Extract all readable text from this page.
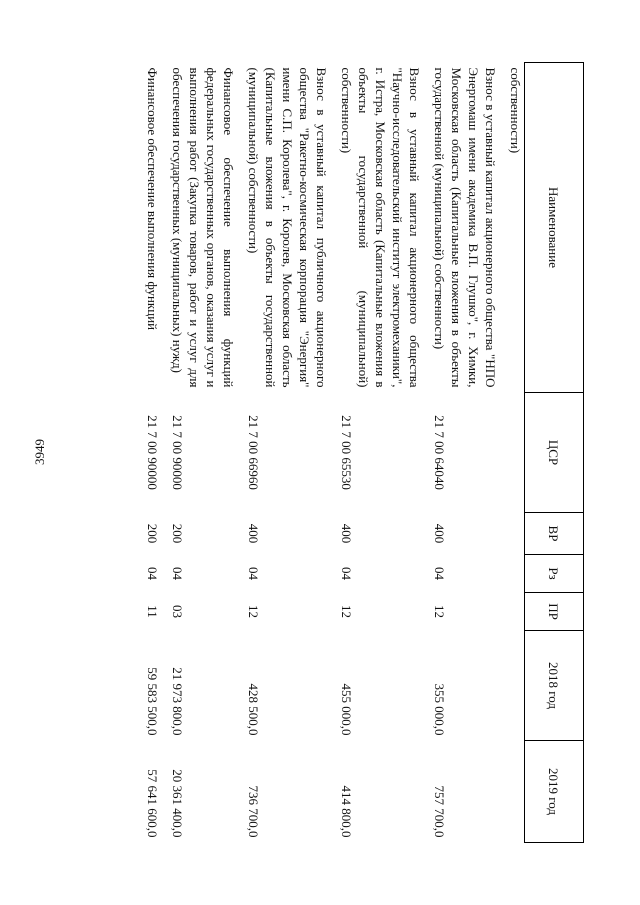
3949
Наименование	ЦСР	ВР	Рз	ПР	2018 год	2019 год
собственности)						
Взнос в уставный капитал акционерного общества "НПО Энергомаш имени академика В.П. Глушко", г. Химки, Московская область (Капитальные вложения в объекты государственной (муниципальной) собственности)	21 7 00 64040	400	04	12	355 000,0	757 700,0
Взнос в уставный капитал акционерного общества "Научно-исследовательский институт электромеханики", г. Истра, Московская область (Капитальные вложения в объекты государственной (муниципальной) собственности)	21 7 00 65530	400	04	12	455 000,0	414 800,0
Взнос в уставный капитал публичного акционерного общества "Ракетно-космическая корпорация "Энергия" имени С.П. Королева", г. Королев, Московская область (Капитальные вложения в объекты государственной (муниципальной) собственности)	21 7 00 66960	400	04	12	428 500,0	736 700,0
Финансовое обеспечение выполнения функций федеральных государственных органов, оказания услуг и выполнения работ (Закупка товаров, работ и услуг для обеспечения государственных (муниципальных) нужд)	21 7 00 90000	200	04	03	21 973 800,0	20 361 400,0
Финансовое обеспечение выполнения функций	21 7 00 90000	200	04	11	59 583 500,0	57 641 600,0
